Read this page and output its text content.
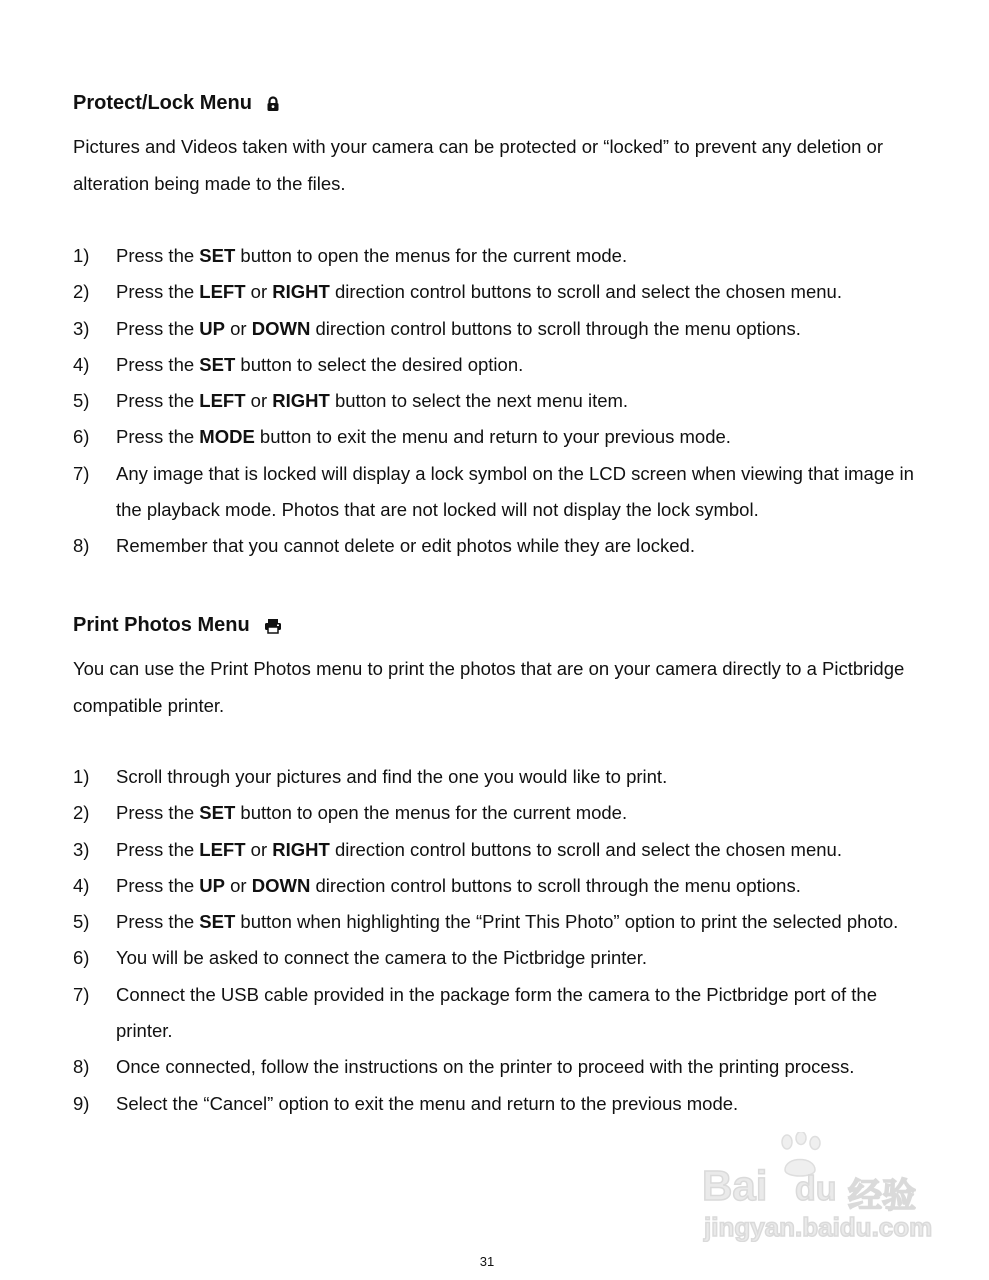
Protect/Lock Menu

Pictures and Videos taken with your camera can be protected or “locked” to prevent any deletion or alteration being made to the files.

1)	Press the SET button to open the menus for the current mode.
2)	Press the LEFT or RIGHT direction control buttons to scroll and select the chosen menu.
3)	Press the UP or DOWN direction control buttons to scroll through the menu options.
4)	Press the SET button to select the desired option.
5)	Press the LEFT or RIGHT button to select the next menu item.
6)	Press the MODE button to exit the menu and return to your previous mode.
7)	Any image that is locked will display a lock symbol on the LCD screen when viewing that image in the playback mode. Photos that are not locked will not display the lock symbol.
8)	Remember that you cannot delete or edit photos while they are locked.
Print Photos Menu

You can use the Print Photos menu to print the photos that are on your camera directly to a Pictbridge compatible printer.

1)	Scroll through your pictures and find the one you would like to print.
2)	Press the SET button to open the menus for the current mode.
3)	Press the LEFT or RIGHT direction control buttons to scroll and select the chosen menu.
4)	Press the UP or DOWN direction control buttons to scroll through the menu options.
5)	Press the SET button when highlighting the “Print This Photo” option to print the selected photo.
6)	You will be asked to connect the camera to the Pictbridge printer.
7)	Connect the USB cable provided in the package form the camera to the Pictbridge port of the printer.
8)	Once connected, follow the instructions on the printer to proceed with the printing process.
9)	Select the “Cancel” option to exit the menu and return to the previous mode.
Bai du 经验
jingyan.baidu.com
31
